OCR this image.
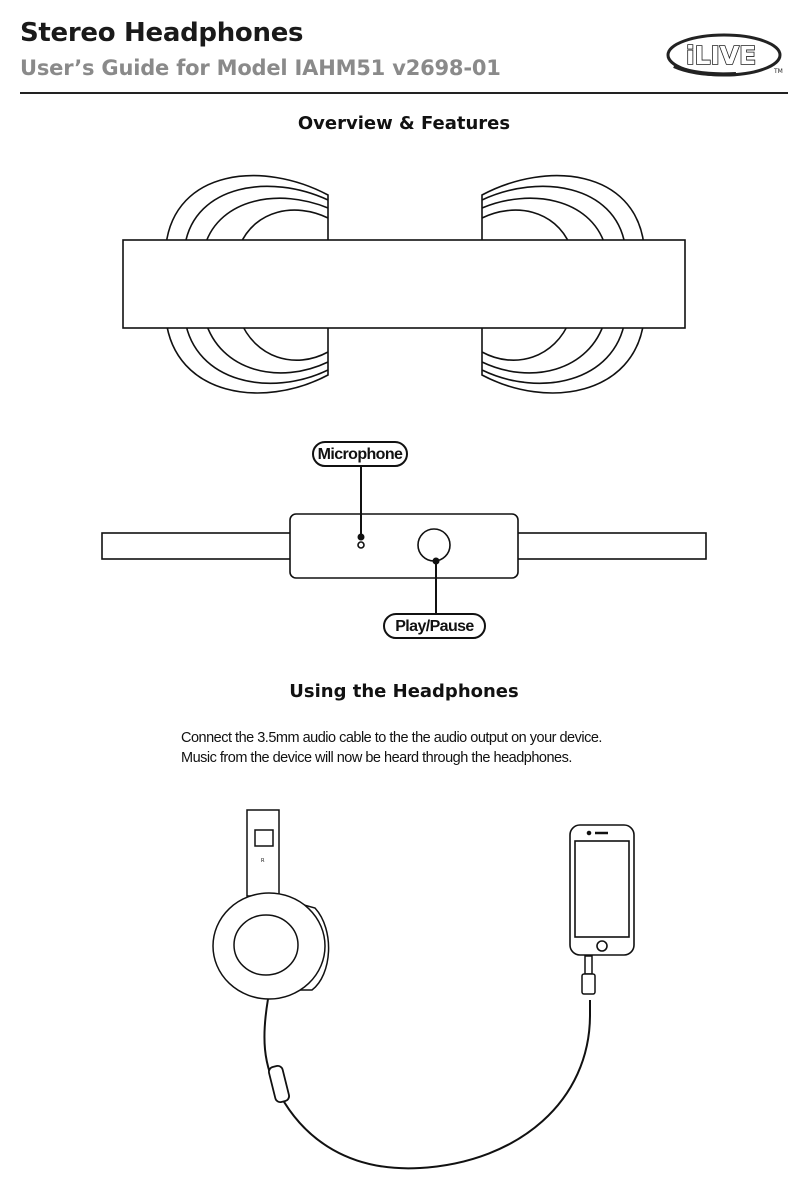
Stereo Headphones
User’s Guide for Model IAHM51 v2698-01	iLIVE
TM
Overview & Features
Microphone
Play/Pause
Using the Headphones

Connect the 3.5mm audio cable to the the audio output on your device.

Music from the device will now be heard through the headphones.

R
